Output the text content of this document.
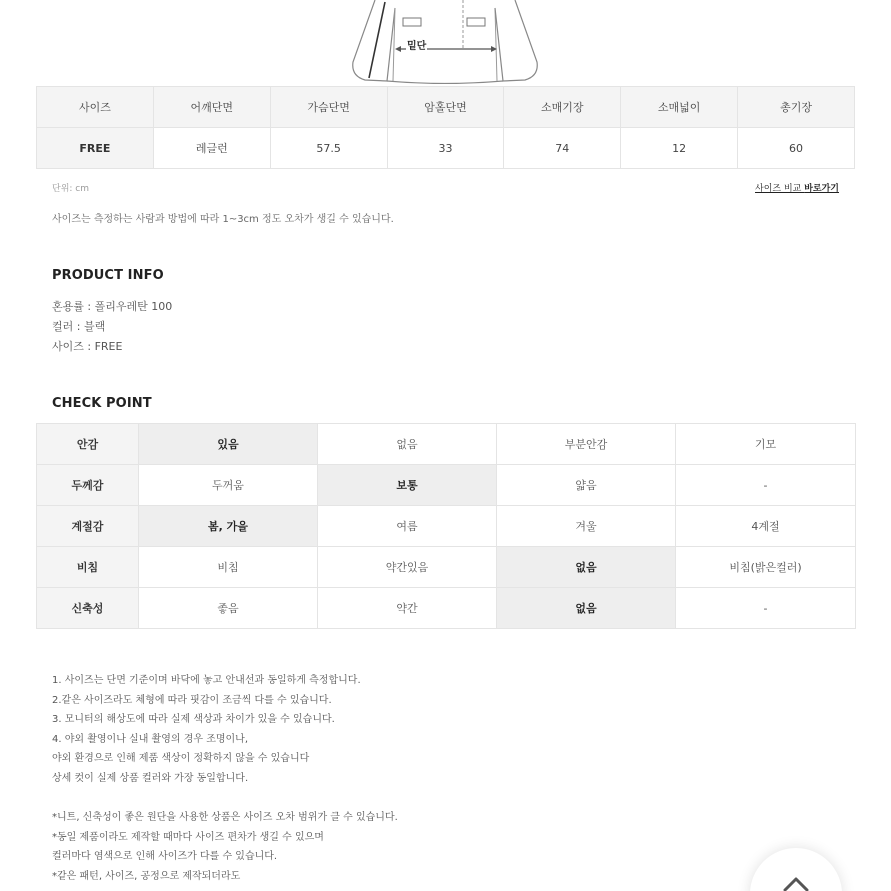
밑단
사이즈	어깨단면	가슴단면	암홀단면	소매기장	소매넓이	총기장
FREE	레글런	57.5	33	74	12	60
단위: cm	사이즈 비교 바로가기
사이즈는 측정하는 사람과 방법에 따라 1~3cm 정도 오차가 생길 수 있습니다.
PRODUCT INFO
혼용률 : 폴리우레탄 100
컬러 : 블랙
사이즈 : FREE
CHECK POINT
안감	있음	없음	부분안감	기모
두께감	두꺼움	보통	얇음	-
계절감	봄, 가을	여름	겨울	4계절
비침	비침	약간있음	없음	비침(밝은컬러)
신축성	좋음	약간	없음	-
1. 사이즈는 단면 기준이며 바닥에 놓고 안내선과 동일하게 측정합니다.
2.같은 사이즈라도 체형에 따라 핏감이 조금씩 다를 수 있습니다.
3. 모니터의 해상도에 따라 실제 색상과 차이가 있을 수 있습니다.
4. 야외 촬영이나 실내 촬영의 경우 조명이나,
야외 환경으로 인해 제품 색상이 정확하지 않을 수 있습니다
상세 컷이 실제 상품 컬러와 가장 동일합니다.
*니트, 신축성이 좋은 원단을 사용한 상품은 사이즈 오차 범위가 클 수 있습니다.
*동일 제품이라도 제작할 때마다 사이즈 편차가 생길 수 있으며
컬러마다 염색으로 인해 사이즈가 다를 수 있습니다.
*같은 패턴, 사이즈, 공정으로 제작되더라도
